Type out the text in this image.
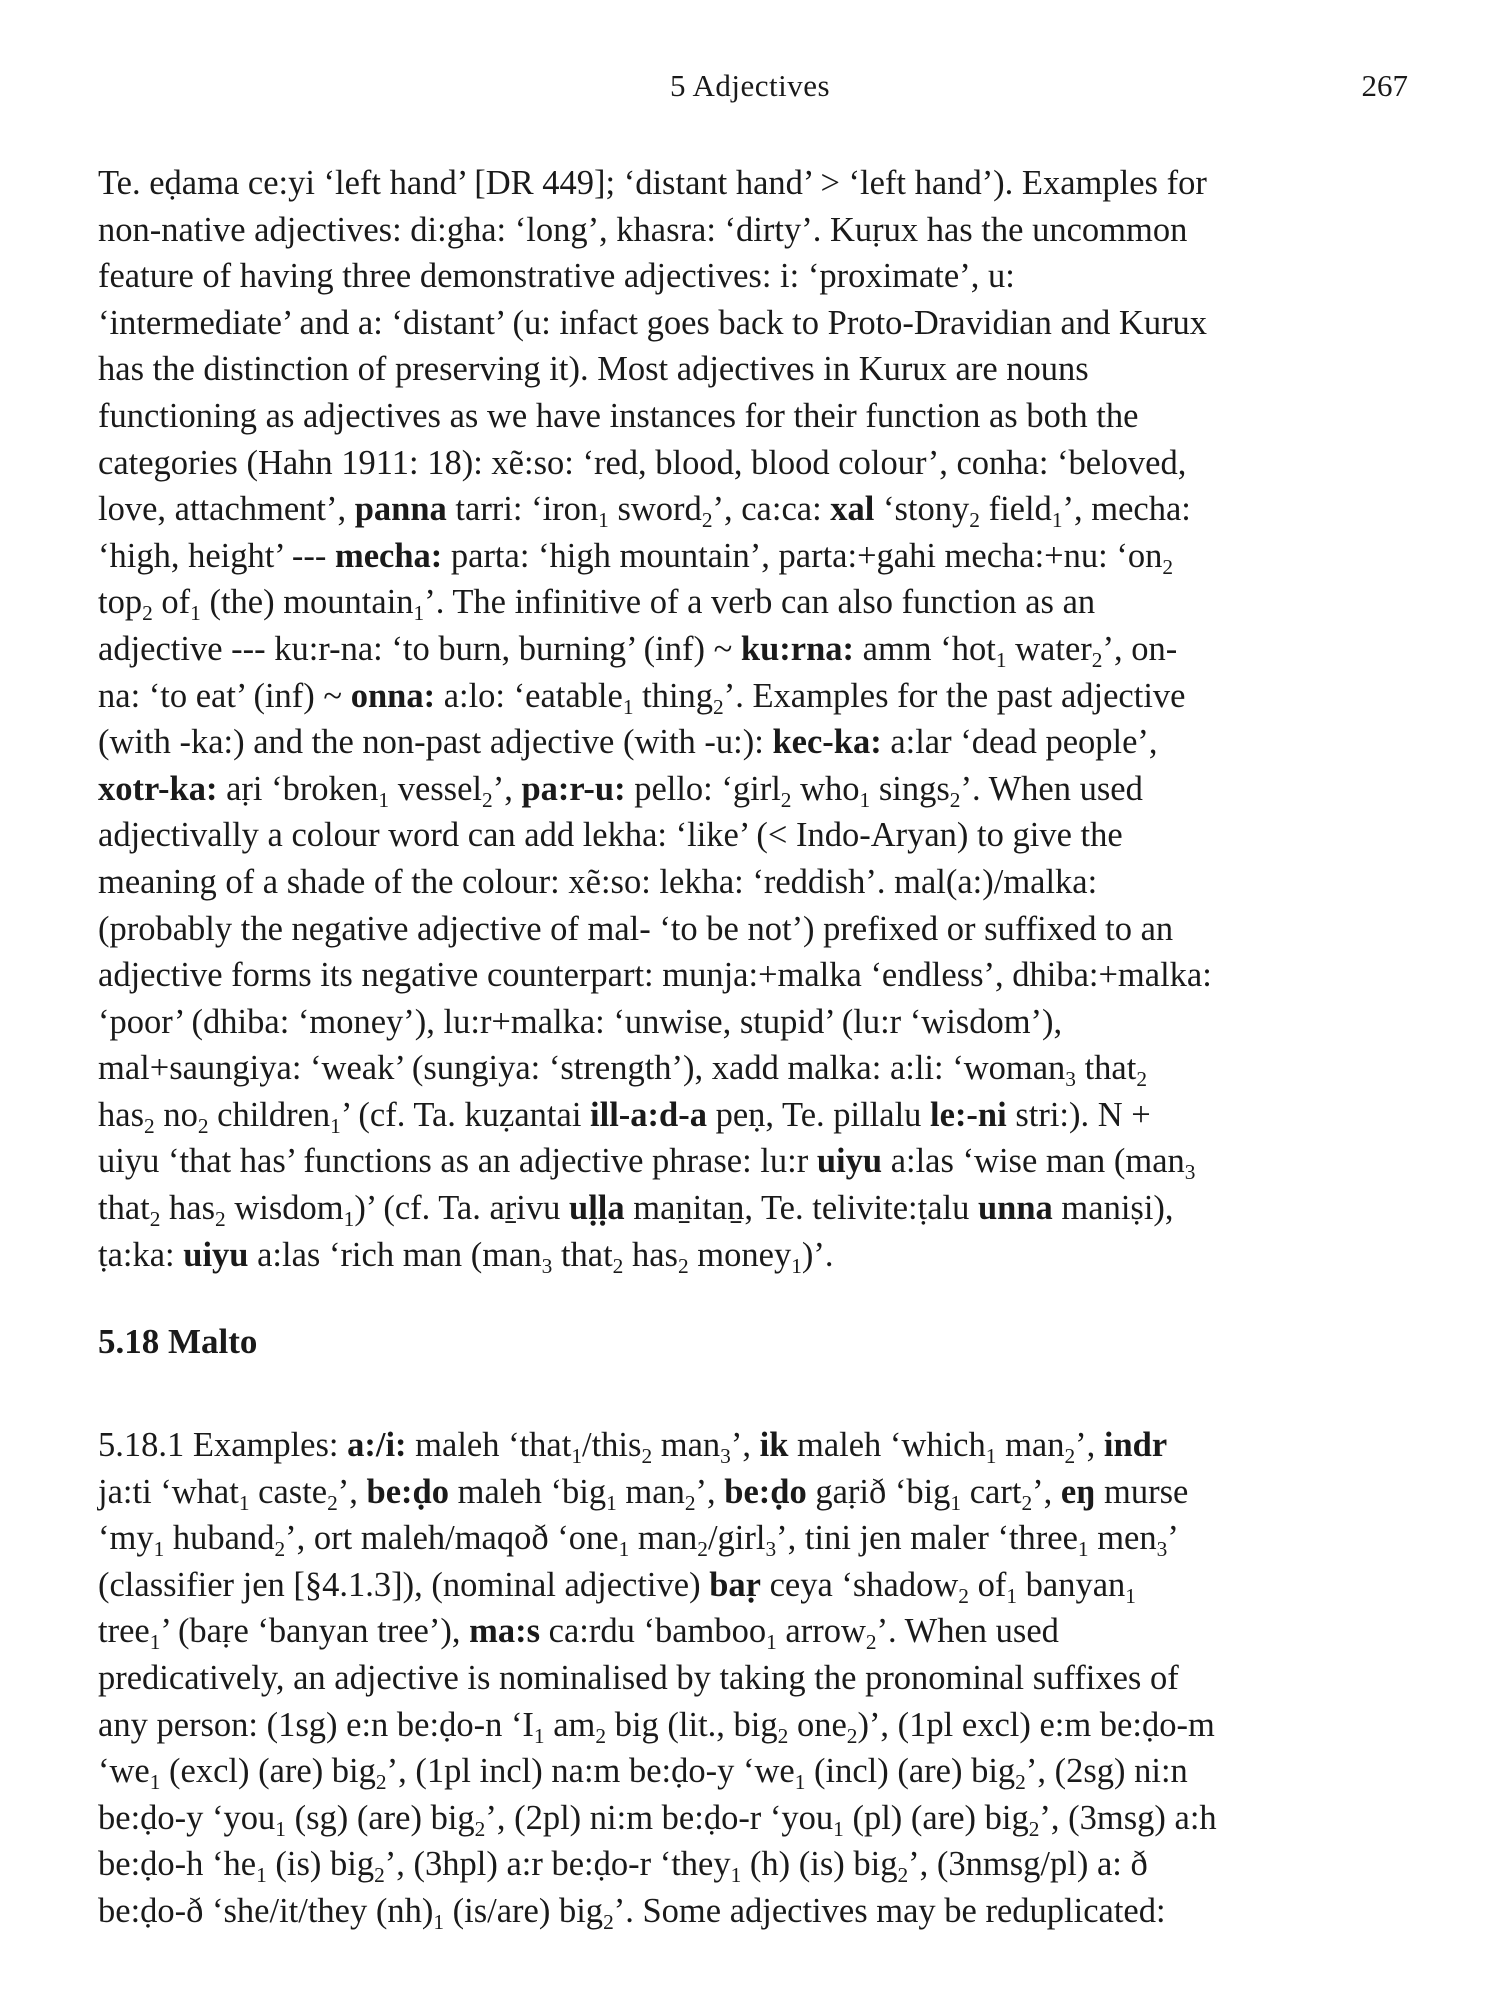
5 Adjectives	267

Te. eḍama ce:yi ‘left hand’ [DR 449]; ‘distant hand’ > ‘left hand’). Examples for
non-native adjectives: di:gha: ‘long’, khasra: ‘dirty’. Kuṛux has the uncommon
feature of having three demonstrative adjectives: i: ‘proximate’, u:
‘intermediate’ and a: ‘distant’ (u: infact goes back to Proto-Dravidian and Kurux
has the distinction of preserving it). Most adjectives in Kurux are nouns
functioning as adjectives as we have instances for their function as both the
categories (Hahn 1911: 18): xẽ:so: ‘red, blood, blood colour’, conha: ‘beloved,
love, attachment’, panna tarri: ‘iron$_1$ sword$_2$’, ca:ca: xal ‘stony$_2$ field$_1$’, mecha:
‘high, height’ --- mecha: parta: ‘high mountain’, parta:+gahi mecha:+nu: ‘$on_2$
top$_2$ $of_1$ (the) mountain$_1$’. The infinitive of a verb can also function as an
adjective --- ku:r-na: ‘to burn, burning’ (inf) ~ ku:rna: amm ‘hot$_1$ water$_2$’, on-
na: ‘to eat’ (inf) ~ onna: a:lo: ‘eatable$_1$ thing$_2$’. Examples for the past adjective
(with -ka:) and the non-past adjective (with -u:): kec-ka: a:lar ‘dead people’,
xotr-ka: aṛi ‘broken$_1$ vessel$_2$’, pa:r-u: pello: ‘girl$_2$ who$_1$ sings$_2$’. When used
adjectivally a colour word can add lekha: ‘like’ (< Indo-Aryan) to give the
meaning of a shade of the colour: xẽ:so: lekha: ‘reddish’. mal(a:)/malka:
(probably the negative adjective of mal- ‘to be not’) prefixed or suffixed to an
adjective forms its negative counterpart: munja:+malka ‘endless’, dhiba:+malka:
‘poor’ (dhiba: ‘money’), lu:r+malka: ‘unwise, stupid’ (lu:r ‘wisdom’),
mal+saungiya: ‘weak’ (sungiya: ‘strength’), xadd malka: a:li: ‘woman$_3$ that$_2$
has$_2$ $no_2$ children$_1$’ (cf. Ta. kuẓantai ill-a:d-a peṇ, Te. pillalu le:-ni stri:). N +
uiyu ‘that has’ functions as an adjective phrase: lu:r uiyu a:las ‘wise man (man$_3$
that$_2$ has$_2$ wisdom$_1$)’ (cf. Ta. aṟivu uḷḷa maṉitaṉ, Te. telivite:ṭalu unna maniṣi),
ṭa:ka: uiyu a:las ‘rich man (man$_3$ that$_2$ has$_2$ money$_1$)’.

5.18 Malto

5.18.1 Examples: a:/i: maleh ‘that$_1$/this$_2$ man$_3$’, ik maleh ‘which$_1$ man$_2$’, indr
ja:ti ‘what$_1$ caste$_2$’, be:ḍo maleh ‘big$_1$ man$_2$’, be:ḍo gaṛið ‘big$_1$ cart$_2$’, eŋ murse
‘$my_1$ huband$_2$’, ort maleh/maqoð ‘one$_1$ man$_2$/girl$_3$’, tini jen maler ‘three$_1$ men$_3$’
(classifier jen [§4.1.3]), (nominal adjective) baṛ ceya ‘shadow$_2$ $of_1$ banyan$_1$
tree$_1$’ (baṛe ‘banyan tree’), ma:s ca:rdu ‘bamboo$_1$ arrow$_2$’. When used
predicatively, an adjective is nominalised by taking the pronominal suffixes of
any person: (1sg) e:n be:ḍo-n ‘$I_1$ $am_2$ big (lit., big$_2$ one$_2$)’, (1pl excl) e:m be:ḍo-m
‘$we_1$ (excl) (are) big$_2$’, (1pl incl) na:m be:ḍo-y ‘$we_1$ (incl) (are) big$_2$’, (2sg) ni:n
be:ḍo-y ‘you$_1$ (sg) (are) big$_2$’, (2pl) ni:m be:ḍo-r ‘you$_1$ (pl) (are) big$_2$’, (3msg) a:h
be:ḍo-h ‘$he_1$ (is) big$_2$’, (3hpl) a:r be:ḍo-r ‘they$_1$ (h) (is) big$_2$’, (3nmsg/pl) a: ð
be:ḍo-ð ‘she/it/they $(nh)_1$ (is/are) big$_2$’. Some adjectives may be reduplicated:
